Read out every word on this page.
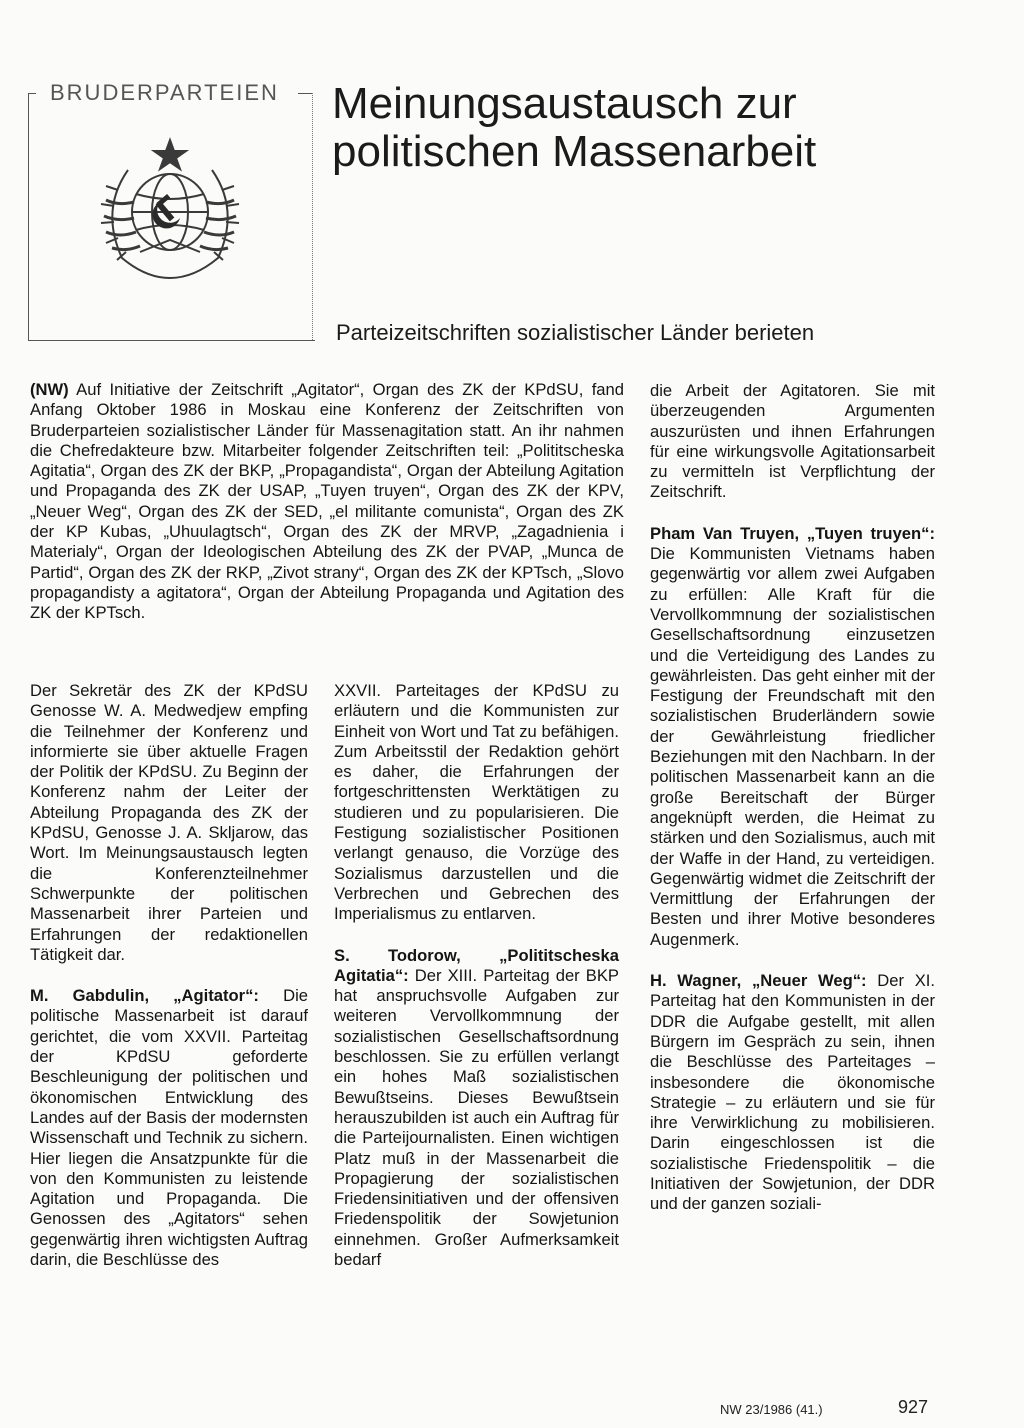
BRUDERPARTEIEN Meinungsaustausch zur
politischen Massenarbeit
Parteizeitschriften sozialistischer Länder berieten

(NW) Auf Initiative der Zeitschrift „Agitator“, Organ des ZK der KPdSU, fand Anfang Oktober 1986 in Moskau eine Konferenz der Zeitschriften von Bruderparteien sozialistischer Länder für Massenagitation statt. An ihr nahmen die Chefredakteure bzw. Mitarbeiter folgender Zeitschriften teil: „Polititscheska Agitatia“, Organ des ZK der BKP, „Propagandista“, Organ der Abteilung Agitation und Propaganda des ZK der USAP, „Tuyen truyen“, Organ des ZK der KPV, „Neuer Weg“, Organ des ZK der SED, „el militante comunista“, Organ des ZK der KP Kubas, „Uhuulagtsch“, Organ des ZK der MRVP, „Zagadnienia i Materialy“, Organ der Ideologischen Abteilung des ZK der PVAP, „Munca de Partid“, Organ des ZK der RKP, „Zivot strany“, Organ des ZK der KPTsch, „Slovo propagandisty a agitatora“, Organ der Abteilung Propaganda und Agitation des ZK der KPTsch.

Der Sekretär des ZK der KPdSU Genosse W. A. Medwedjew empfing die Teilnehmer der Konferenz und informierte sie über aktuelle Fragen der Politik der KPdSU. Zu Beginn der Konferenz nahm der Leiter der Abteilung Propaganda des ZK der KPdSU, Genosse J. A. Skljarow, das Wort. Im Meinungsaustausch legten die Konferenzteilnehmer Schwerpunkte der politischen Massenarbeit ihrer Parteien und Erfahrungen der redaktionellen Tätigkeit dar.

M. Gabdulin, „Agitator“: Die politische Massenarbeit ist darauf gerichtet, die vom XXVII. Parteitag der KPdSU geforderte Beschleunigung der politischen und ökonomischen Entwicklung des Landes auf der Basis der modernsten Wissenschaft und Technik zu sichern. Hier liegen die Ansatzpunkte für die von den Kommunisten zu leistende Agitation und Propaganda. Die Genossen des „Agitators“ sehen gegenwärtig ihren wichtigsten Auftrag darin, die Beschlüsse des

XXVII. Parteitages der KPdSU zu erläutern und die Kommunisten zur Einheit von Wort und Tat zu befähigen. Zum Arbeitsstil der Redaktion gehört es daher, die Erfahrungen der fortgeschrittensten Werktätigen zu studieren und zu popularisieren. Die Festigung sozialistischer Positionen verlangt genauso, die Vorzüge des Sozialismus darzustellen und die Verbrechen und Gebrechen des Imperialismus zu entlarven.

S. Todorow, „Polititscheska Agitatia“: Der XIII. Parteitag der BKP hat anspruchsvolle Aufgaben zur weiteren Vervollkommnung der sozialistischen Gesellschaftsordnung beschlossen. Sie zu erfüllen verlangt ein hohes Maß sozialistischen Bewußtseins. Dieses Bewußtsein herauszubilden ist auch ein Auftrag für die Parteijournalisten. Einen wichtigen Platz muß in der Massenarbeit die Propagierung der sozialistischen Friedensinitiativen und der offensiven Friedenspolitik der Sowjetunion einnehmen. Großer Aufmerksamkeit bedarf

die Arbeit der Agitatoren. Sie mit überzeugenden Argumenten auszurüsten und ihnen Erfahrungen für eine wirkungsvolle Agitationsarbeit zu vermitteln ist Verpflichtung der Zeitschrift.

Pham Van Truyen, „Tuyen truyen“: Die Kommunisten Vietnams haben gegenwärtig vor allem zwei Aufgaben zu erfüllen: Alle Kraft für die Vervollkommnung der sozialistischen Gesellschaftsordnung einzusetzen und die Verteidigung des Landes zu gewährleisten. Das geht einher mit der Festigung der Freundschaft mit den sozialistischen Bruderländern sowie der Gewährleistung friedlicher Beziehungen mit den Nachbarn. In der politischen Massenarbeit kann an die große Bereitschaft der Bürger angeknüpft werden, die Heimat zu stärken und den Sozialismus, auch mit der Waffe in der Hand, zu verteidigen. Gegenwärtig widmet die Zeitschrift der Vermittlung der Erfahrungen der Besten und ihrer Motive besonderes Augenmerk.

H. Wagner, „Neuer Weg“: Der XI. Parteitag hat den Kommunisten in der DDR die Aufgabe gestellt, mit allen Bürgern im Gespräch zu sein, ihnen die Beschlüsse des Parteitages – insbesondere die ökonomische Strategie – zu erläutern und sie für ihre Verwirklichung zu mobilisieren. Darin eingeschlossen ist die sozialistische Friedenspolitik – die Initiativen der Sowjetunion, der DDR und der ganzen soziali-

NW 23/1986 (41.)	927
